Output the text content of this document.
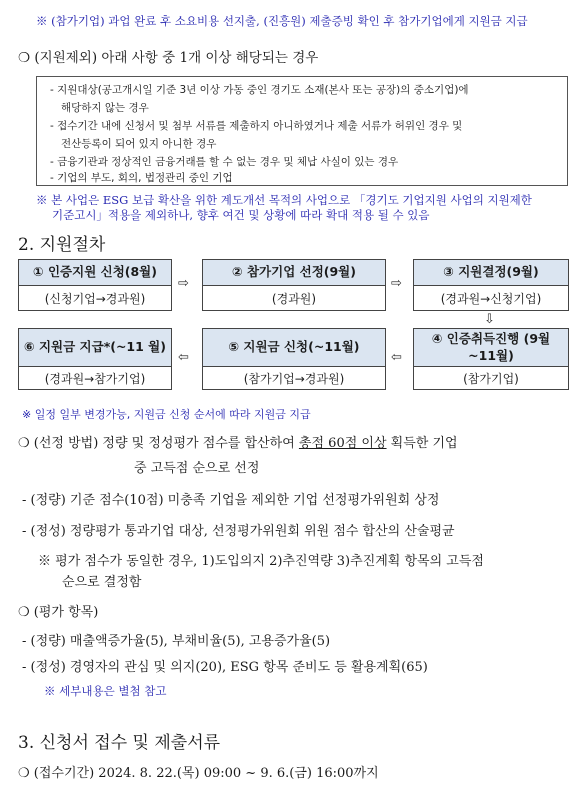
※ (참가기업) 과업 완료 후 소요비용 선지출, (진흥원) 제출증빙 확인 후 참가기업에게 지원금 지급
❍ (지원제외) 아래 사항 중 1개 이상 해당되는 경우
- 지원대상(공고개시일 기준 3년 이상 가동 중인 경기도 소재(본사 또는 공장)의 중소기업)에
해당하지 않는 경우
- 접수기간 내에 신청서 및 첨부 서류를 제출하지 아니하였거나 제출 서류가 허위인 경우 및
전산등록이 되어 있지 아니한 경우
- 금융기관과 정상적인 금융거래를 할 수 없는 경우 및 체납 사실이 있는 경우
- 기업의 부도, 회의, 법정관리 중인 기업
※ 본 사업은 ESG 보급 확산을 위한 계도개선 목적의 사업으로 「경기도 기업지원 사업의 지원제한
기준고시」적용을 제외하나, 향후 여건 및 상황에 따라 확대 적용 될 수 있음
2. 지원절차
① 인증지원 신청(8월)
(신청기업→경과원)
⇨
② 참가기업 선정(9월)
(경과원)
⇨
③ 지원결정(9월)
(경과원→신청기업)
⇩
⑥ 지원금 지급*(~11 월)
(경과원→참가기업)
⇦
⑤ 지원금 신청(~11월)
(참가기업→경과원)
⇦
④ 인증취득진행 (9월~11월)
(참가기업)
※ 일정 일부 변경가능, 지원금 신청 순서에 따라 지원금 지급
❍ (선정 방법) 정량 및 정성평가 점수를 합산하여 총점 60점 이상 획득한 기업
중 고득점 순으로 선정
- (정량) 기준 점수(10점) 미충족 기업을 제외한 기업 선정평가위원회 상정
- (정성) 정량평가 통과기업 대상, 선정평가위원회 위원 점수 합산의 산술평균
※ 평가 점수가 동일한 경우, 1)도입의지 2)추진역량 3)추진계획 항목의 고득점
순으로 결정함
❍ (평가 항목)
- (정량) 매출액증가율(5), 부채비율(5), 고용증가율(5)
- (정성) 경영자의 관심 및 의지(20), ESG 항목 준비도 등 활용계획(65)
※ 세부내용은 별첨 참고
3. 신청서 접수 및 제출서류
❍ (접수기간) 2024. 8. 22.(목) 09:00 ~ 9. 6.(금) 16:00까지
